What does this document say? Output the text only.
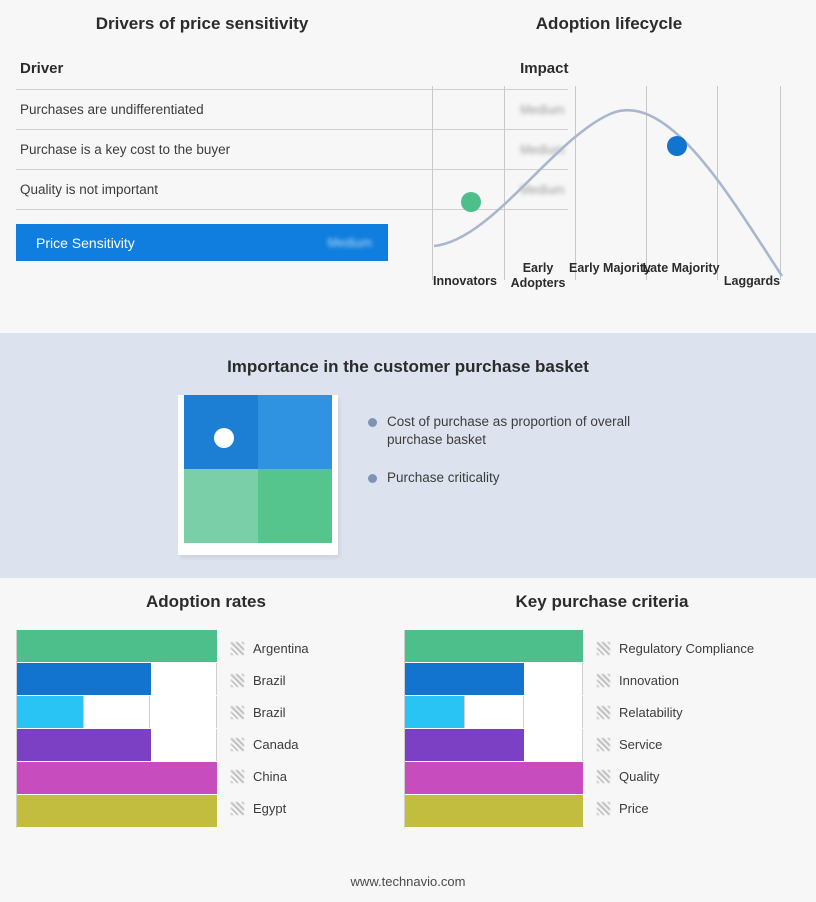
Drivers of price sensitivity
Driver	Impact
Purchases are undifferentiated	Medium
Purchase is a key cost to the buyer	Medium
Quality is not important	Medium
Price Sensitivity	Medium
Adoption lifecycle
Innovators
Early Adopters
Early Majority
Late Majority
Laggards
Importance in the customer purchase basket
Cost of purchase as proportion of overall purchase basket
Purchase criticality
Adoption rates
Argentina
Brazil
Brazil
Canada
China
Egypt
Key purchase criteria
Regulatory Compliance
Innovation
Relatability
Service
Quality
Price
www.technavio.com
